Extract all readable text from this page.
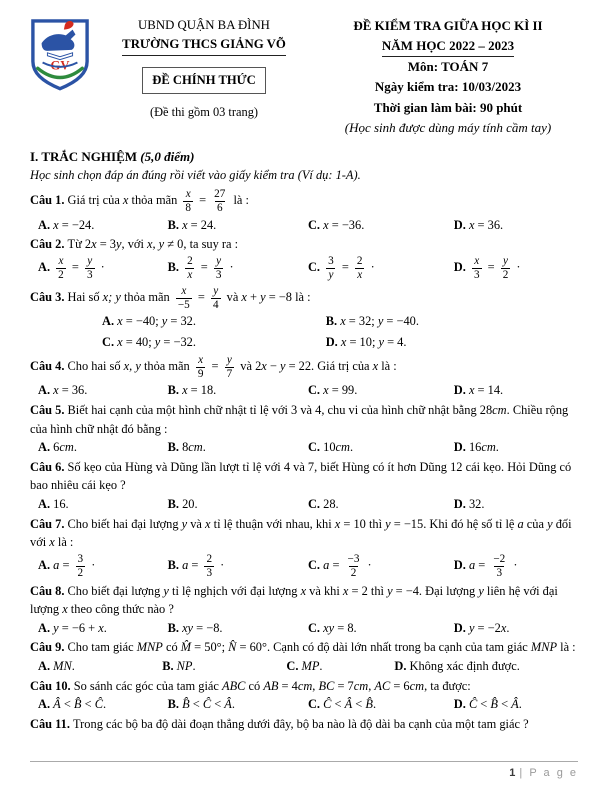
GV
UBND QUẬN BA ĐÌNH
TRƯỜNG THCS GIẢNG VÕ
ĐỀ CHÍNH THỨC
(Đề thi gồm 03 trang)
ĐỀ KIỂM TRA GIỮA HỌC KÌ II
NĂM HỌC 2022 – 2023
Môn: TOÁN 7
Ngày kiểm tra: 10/03/2023
Thời gian làm bài: 90 phút
(Học sinh được dùng máy tính cầm tay)
I. TRẮC NGHIỆM (5,0 điểm)
Học sinh chọn đáp án đúng rồi viết vào giấy kiểm tra (Ví dụ: 1-A).
Câu 1. Giá trị của x thỏa mãn $\frac{x}{8} = \frac{27}{6}$ là :
A. x = −24.	B. x = 24.	C. x = −36.	D. x = 36.
Câu 2. Từ 2x = 3y, với x, y ≠ 0, ta suy ra :
A. $\frac{x}{2} = \frac{y}{3}$ ·	B. $\frac{2}{x} = \frac{y}{3}$ ·	C. $\frac{3}{y} = \frac{2}{x}$ ·	D. $\frac{x}{3} = \frac{y}{2}$ ·
Câu 3. Hai số x; y thỏa mãn $\frac{x}{-5} = \frac{y}{4}$ và x + y = −8 là :
A. x = −40; y = 32.	B. x = 32; y = −40.
C. x = 40; y = −32.	D. x = 10; y = 4.
Câu 4. Cho hai số x, y thỏa mãn $\frac{x}{9} = \frac{y}{7}$ và 2x − y = 22. Giá trị của x là :
A. x = 36.	B. x = 18.	C. x = 99.	D. x = 14.
Câu 5. Biết hai cạnh của một hình chữ nhật tỉ lệ với 3 và 4, chu vi của hình chữ nhật bằng 28cm. Chiều rộng của hình chữ nhật đó bằng :
A. 6cm.	B. 8cm.	C. 10cm.	D. 16cm.
Câu 6. Số kẹo của Hùng và Dũng lần lượt tỉ lệ với 4 và 7, biết Hùng có ít hơn Dũng 12 cái kẹo. Hỏi Dũng có bao nhiêu cái kẹo ?
A. 16.	B. 20.	C. 28.	D. 32.
Câu 7. Cho biết hai đại lượng y và x tỉ lệ thuận với nhau, khi x = 10 thì y = −15. Khi đó hệ số tỉ lệ a của y đối với x là :
A. $a = \frac{3}{2}$ ·	B. $a = \frac{2}{3}$ ·	C. $a = \frac{-3}{2}$ ·	D. $a = \frac{-2}{3}$ ·
Câu 8. Cho biết đại lượng y tỉ lệ nghịch với đại lượng x và khi x = 2 thì y = −4. Đại lượng y liên hệ với đại lượng x theo công thức nào ?
A. y = −6 + x.	B. xy = −8.	C. xy = 8.	D. y = −2x.
Câu 9. Cho tam giác MNP có M̂ = 50°; N̂ = 60°. Cạnh có độ dài lớn nhất trong ba cạnh của tam giác MNP là :
A. MN.	B. NP.	C. MP.	D. Không xác định được.
Câu 10. So sánh các góc của tam giác ABC có AB = 4cm, BC = 7cm, AC = 6cm, ta được:
A. Â < B̂ < Ĉ.	B. B̂ < Ĉ < Â.	C. Ĉ < Â < B̂.	D. Ĉ < B̂ < Â.
Câu 11. Trong các bộ ba độ dài đoạn thẳng dưới đây, bộ ba nào là độ dài ba cạnh của một tam giác ?
1 | P a g e
